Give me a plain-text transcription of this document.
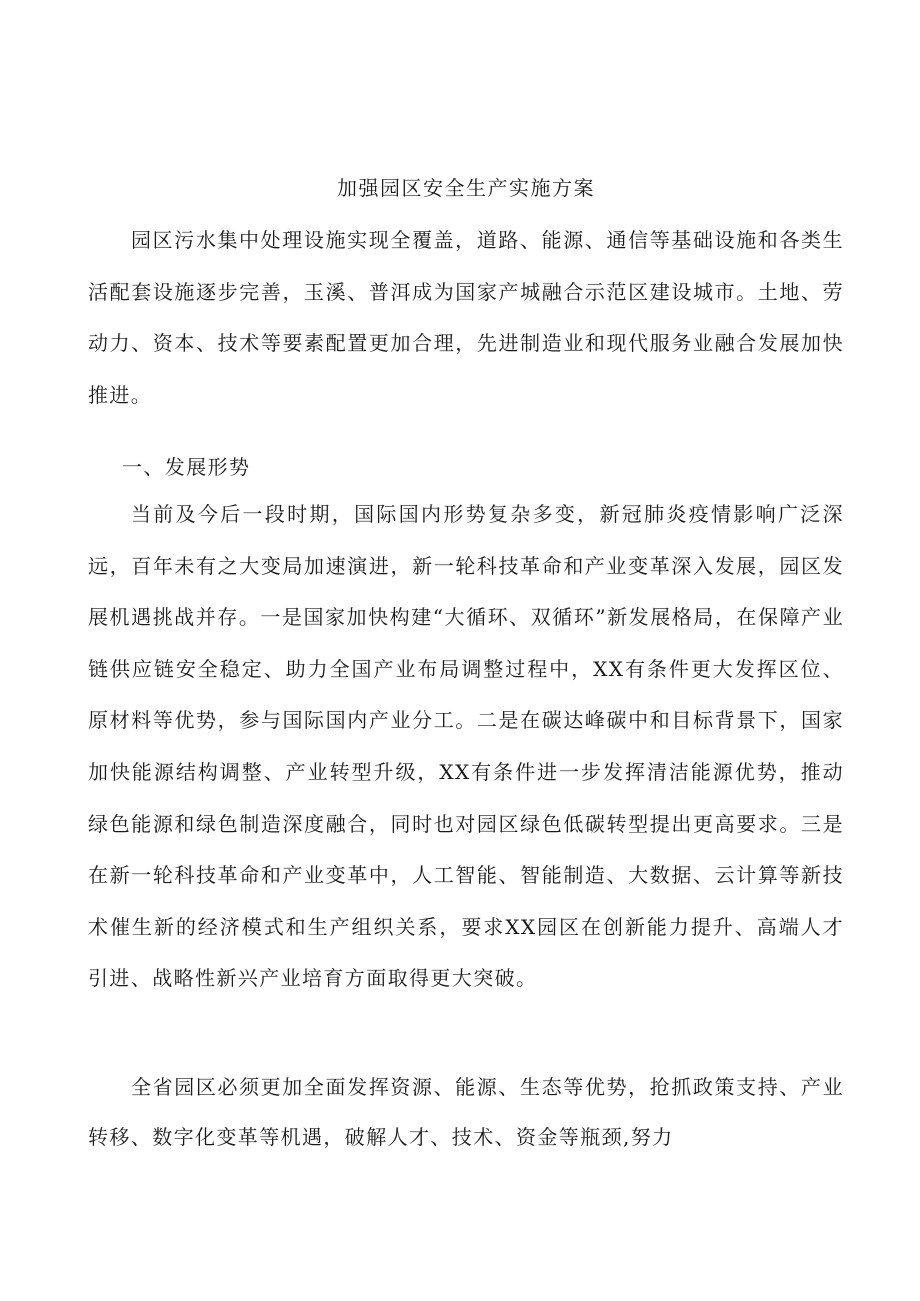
加强园区安全生产实施方案
园区污水集中处理设施实现全覆盖，道路、能源、通信等基础设施和各类生活配套设施逐步完善，玉溪、普洱成为国家产城融合示范区建设城市。土地、劳动力、资本、技术等要素配置更加合理，先进制造业和现代服务业融合发展加快推进。
一、发展形势
当前及今后一段时期，国际国内形势复杂多变，新冠肺炎疫情影响广泛深远，百年未有之大变局加速演进，新一轮科技革命和产业变革深入发展，园区发展机遇挑战并存。一是国家加快构建“大循环、双循环”新发展格局，在保障产业链供应链安全稳定、助力全国产业布局调整过程中，XX有条件更大发挥区位、原材料等优势，参与国际国内产业分工。二是在碳达峰碳中和目标背景下，国家加快能源结构调整、产业转型升级，XX有条件进一步发挥清洁能源优势，推动绿色能源和绿色制造深度融合，同时也对园区绿色低碳转型提出更高要求。三是在新一轮科技革命和产业变革中，人工智能、智能制造、大数据、云计算等新技术催生新的经济模式和生产组织关系，要求XX园区在创新能力提升、高端人才引进、战略性新兴产业培育方面取得更大突破。
全省园区必须更加全面发挥资源、能源、生态等优势，抢抓政策支持、产业转移、数字化变革等机遇，破解人才、技术、资金等瓶颈,努力
